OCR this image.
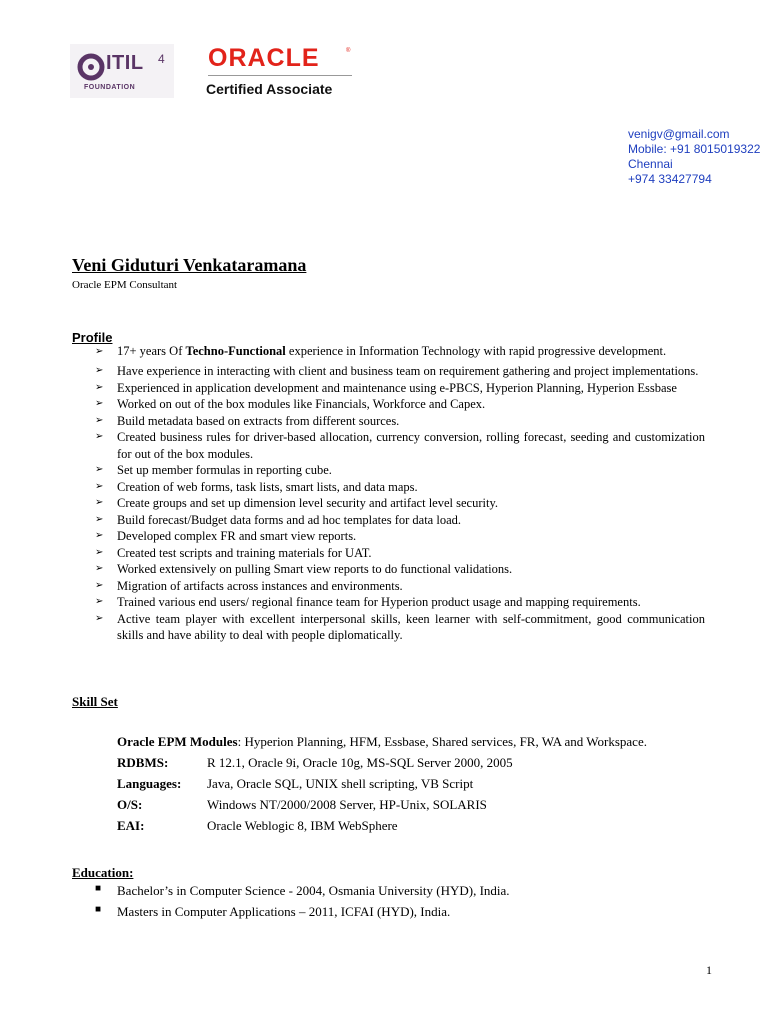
ITIL 4
FOUNDATION
ORACLE	®
Certified Associate
venigv@gmail.com
Mobile: +91 8015019322
Chennai
+974 33427794
Veni Giduturi Venkataramana
Oracle EPM Consultant
Profile
➢ 17+ years Of Techno-Functional experience in Information Technology with rapid progressive development.
➢ Have experience in interacting with client and business team on requirement gathering and project implementations.
➢ Experienced in application development and maintenance using e-PBCS, Hyperion Planning, Hyperion Essbase
➢ Worked on out of the box modules like Financials, Workforce and Capex.
➢ Build metadata based on extracts from different sources.
➢ Created business rules for driver-based allocation, currency conversion, rolling forecast, seeding and customization for out of the box modules.
➢ Set up member formulas in reporting cube.
➢ Creation of web forms, task lists, smart lists, and data maps.
➢ Create groups and set up dimension level security and artifact level security.
➢ Build forecast/Budget data forms and ad hoc templates for data load.
➢ Developed complex FR and smart view reports.
➢ Created test scripts and training materials for UAT.
➢ Worked extensively on pulling Smart view reports to do functional validations.
➢ Migration of artifacts across instances and environments.
➢ Trained various end users/ regional finance team for Hyperion product usage and mapping requirements.
➢ Active team player with excellent interpersonal skills, keen learner with self-commitment, good communication skills and have ability to deal with people diplomatically.
Skill Set
Oracle EPM Modules: Hyperion Planning, HFM, Essbase, Shared services, FR, WA and Workspace.
RDBMS:	R 12.1, Oracle 9i, Oracle 10g, MS-SQL Server 2000, 2005
Languages: Java, Oracle SQL, UNIX shell scripting, VB Script
O/S:	Windows NT/2000/2008 Server, HP-Unix, SOLARIS
EAI:	Oracle Weblogic 8, IBM WebSphere
Education:
■ Bachelor’s in Computer Science - 2004, Osmania University (HYD), India.
■ Masters in Computer Applications – 2011, ICFAI (HYD), India.
1
